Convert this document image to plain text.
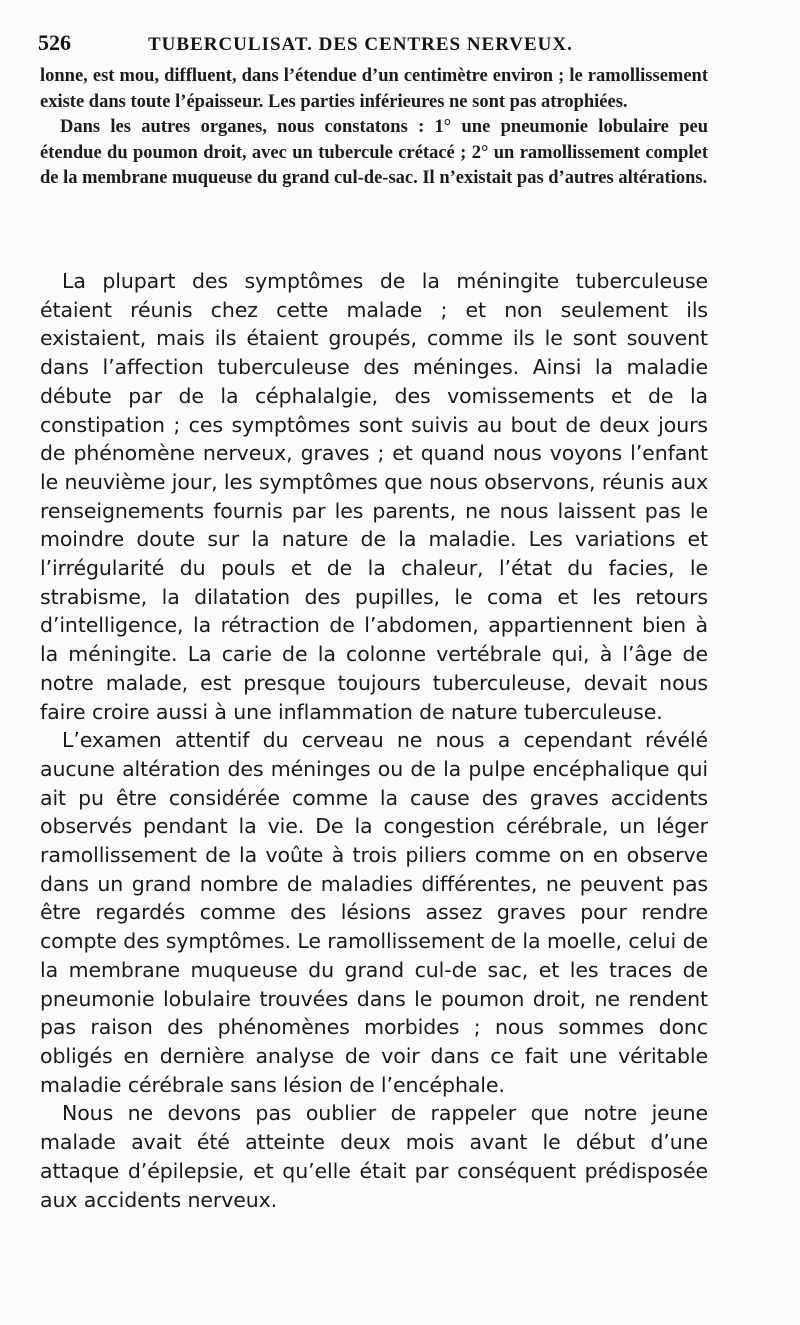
526	TUBERCULISAT. DES CENTRES NERVEUX.

lonne, est mou, diffluent, dans l’étendue d’un centimètre environ ; le ramollissement existe dans toute l’épaisseur. Les parties inférieures ne sont pas atrophiées.

Dans les autres organes, nous constatons : 1° une pneumonie lobulaire peu étendue du poumon droit, avec un tubercule crétacé ; 2° un ramollissement complet de la membrane muqueuse du grand cul-de-sac. Il n’existait pas d’autres altérations.

La plupart des symptômes de la méningite tuberculeuse étaient réunis chez cette malade ; et non seulement ils existaient, mais ils étaient groupés, comme ils le sont souvent dans l’affection tuberculeuse des méninges. Ainsi la maladie débute par de la céphalalgie, des vomissements et de la constipation ; ces symptômes sont suivis au bout de deux jours de phénomène nerveux, graves ; et quand nous voyons l’enfant le neuvième jour, les symptômes que nous observons, réunis aux renseignements fournis par les parents, ne nous laissent pas le moindre doute sur la nature de la maladie. Les variations et l’irrégularité du pouls et de la chaleur, l’état du facies, le strabisme, la dilatation des pupilles, le coma et les retours d’intelligence, la rétraction de l’abdomen, appartiennent bien à la méningite. La carie de la colonne vertébrale qui, à l’âge de notre malade, est presque toujours tuberculeuse, devait nous faire croire aussi à une inflammation de nature tuberculeuse.

L’examen attentif du cerveau ne nous a cependant révélé aucune altération des méninges ou de la pulpe encéphalique qui ait pu être considérée comme la cause des graves accidents observés pendant la vie. De la congestion cérébrale, un léger ramollissement de la voûte à trois piliers comme on en observe dans un grand nombre de maladies différentes, ne peuvent pas être regardés comme des lésions assez graves pour rendre compte des symptômes. Le ramollissement de la moelle, celui de la membrane muqueuse du grand cul-de sac, et les traces de pneumonie lobulaire trouvées dans le poumon droit, ne rendent pas raison des phénomènes morbides ; nous sommes donc obligés en dernière analyse de voir dans ce fait une véritable maladie cérébrale sans lésion de l’encéphale.

Nous ne devons pas oublier de rappeler que notre jeune malade avait été atteinte deux mois avant le début d’une attaque d’épilepsie, et qu’elle était par conséquent prédisposée aux accidents nerveux.
